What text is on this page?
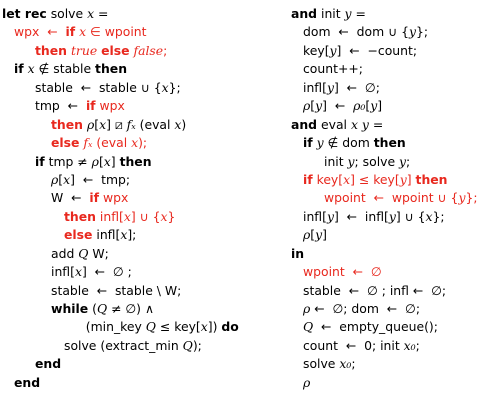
let rec solve x =
wpx  ←  if x ∈ wpoint
then true else false;
if x ∉ stable then
stable  ←  stable ∪ {x};
tmp  ←  if wpx
then ρ[x] ⧄ fₓ (eval x)
else fₓ (eval x);
if tmp ≠ ρ[x] then
ρ[x]  ←  tmp;
W  ←  if wpx
then infl[x] ∪ {x}
else infl[x];
add Q W;
infl[x]  ←  ∅ ;
stable  ←  stable \ W;
while (Q ≠ ∅) ∧
(min_key Q ≤ key[x]) do
solve (extract_min Q);
end
end
and init y =
dom  ←  dom ∪ {y};
key[y]  ←  −count;
count++;
infl[y]  ←  ∅;
ρ[y]  ←  ρ₀[y]
and eval x y =
if y ∉ dom then
init y; solve y;
if key[x] ≤ key[y] then
wpoint  ←  wpoint ∪ {y};
infl[y]  ←  infl[y] ∪ {x};
ρ[y]
in
wpoint  ←  ∅
stable  ←  ∅ ; infl ←  ∅;
ρ ←  ∅; dom  ←  ∅;
Q  ←  empty_queue();
count  ←  0; init x₀;
solve x₀;
ρ
